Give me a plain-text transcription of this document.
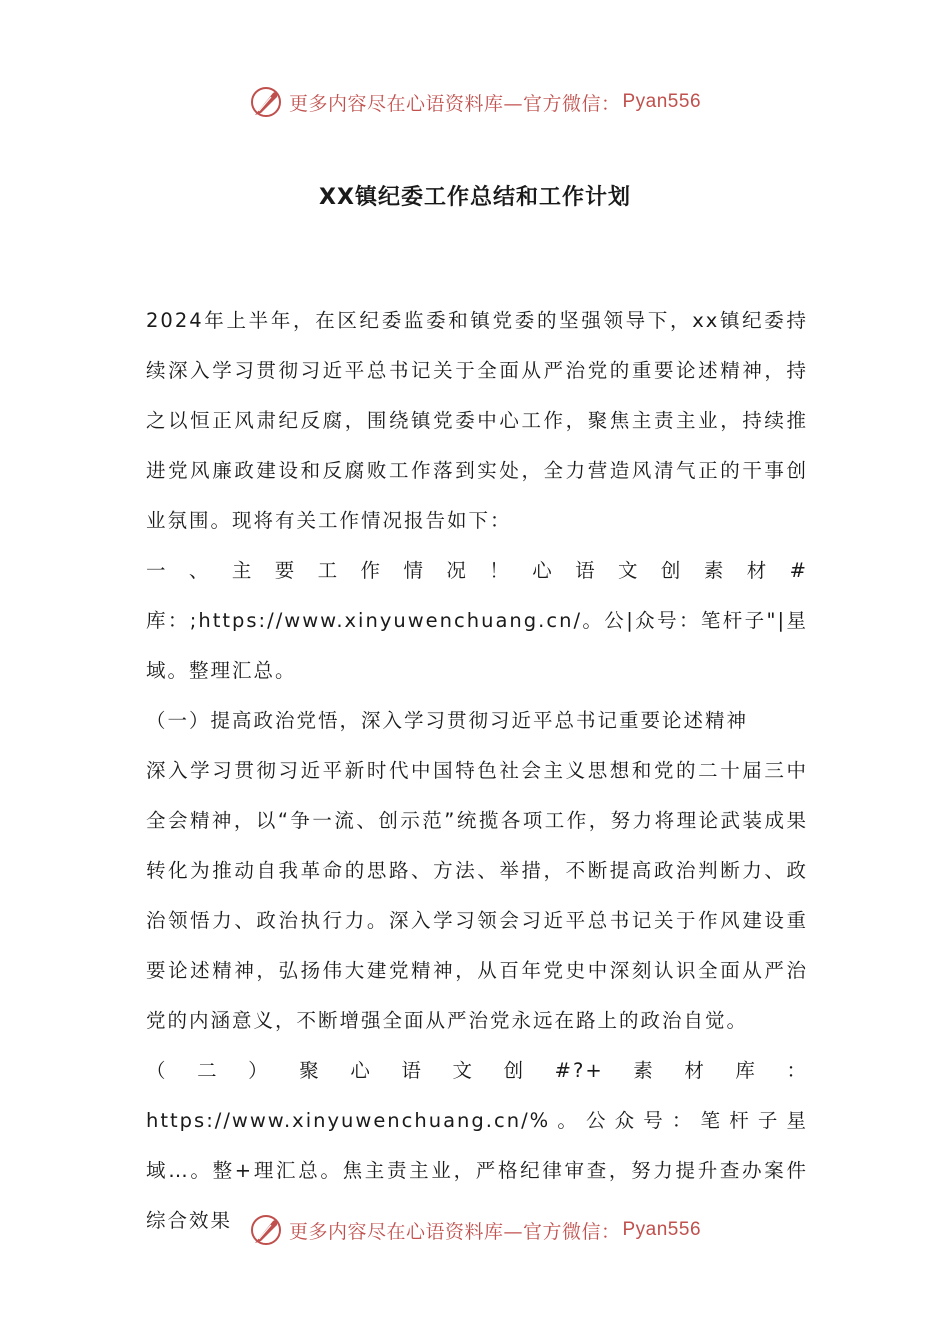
更多内容尽在心语资料库—官方微信： Pyan556
XX镇纪委工作总结和工作计划

2024年上半年，在区纪委监委和镇党委的坚强领导下，xx镇纪委持续深入学习贯彻习近平总书记关于全面从严治党的重要论述精神，持之以恒正风肃纪反腐，围绕镇党委中心工作，聚焦主责主业，持续推进党风廉政建设和反腐败工作落到实处，全力营造风清气正的干事创业氛围。现将有关工作情况报告如下：

一、主要工作情况！心语文创素材#库：;https://www.xinyuwenchuang.cn/。公|众号：笔杆子"|星域。整理汇总。

（一）提高政治党悟，深入学习贯彻习近平总书记重要论述精神

深入学习贯彻习近平新时代中国特色社会主义思想和党的二十届三中全会精神，以“争一流、创示范”统揽各项工作，努力将理论武装成果转化为推动自我革命的思路、方法、举措，不断提高政治判断力、政治领悟力、政治执行力。深入学习领会习近平总书记关于作风建设重要论述精神，弘扬伟大建党精神，从百年党史中深刻认识全面从严治党的内涵意义，不断增强全面从严治党永远在路上的政治自觉。

（二）聚心语文创#?+素材库：https://www.xinyuwenchuang.cn/%。公众号：笔杆子星域…。整+理汇总。焦主责主业，严格纪律审查，努力提升查办案件综合效果	更多内容尽在心语资料库—官方微信： Pyan556
